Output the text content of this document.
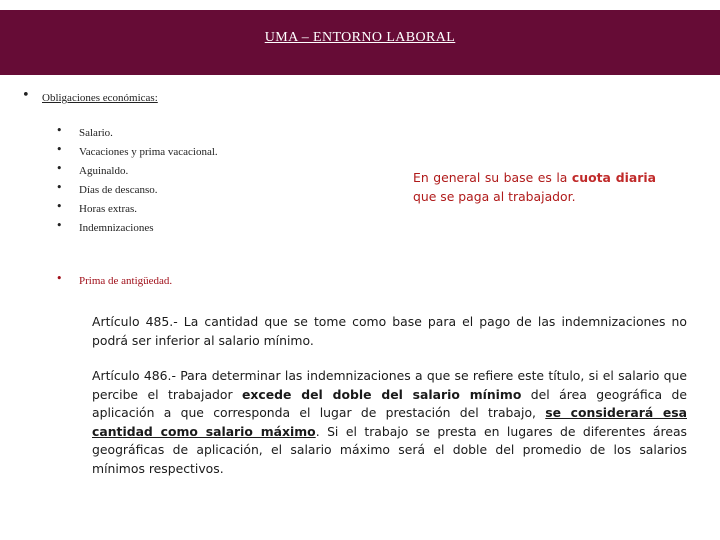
UMA – ENTORNO LABORAL
• Obligaciones económicas:
•
•
•
•
•
•
Salario.
Vacaciones y prima vacacional.
Aguinaldo.
Días de descanso.
Horas extras.
Indemnizaciones
En general su base es la cuota diaria que se paga al trabajador.
• Prima de antigüedad.
Artículo 485.- La cantidad que se tome como base para el pago de las indemnizaciones no podrá ser inferior al salario mínimo.
Artículo 486.- Para determinar las indemnizaciones a que se refiere este título, si el salario que percibe el trabajador excede del doble del salario mínimo del área geográfica de aplicación a que corresponda el lugar de prestación del trabajo, se considerará esa cantidad como salario máximo. Si el trabajo se presta en lugares de diferentes áreas geográficas de aplicación, el salario máximo será el doble del promedio de los salarios mínimos respectivos.
